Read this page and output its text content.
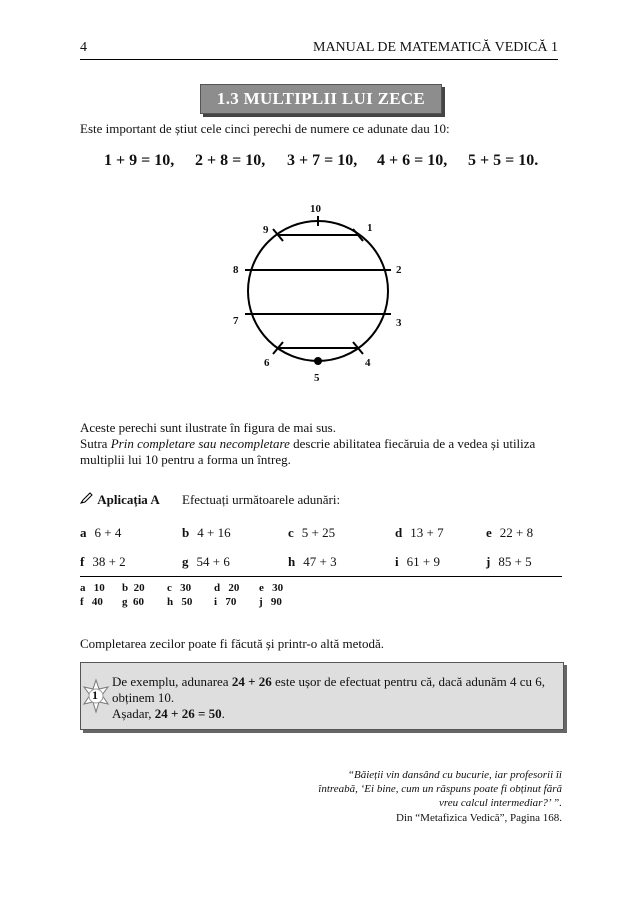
4	MANUAL DE MATEMATICĂ VEDICĂ 1
1.3 MULTIPLII LUI ZECE
Este important de știut cele cinci perechi de numere ce adunate dau 10:
1 + 9 = 10, 2 + 8 = 10, 3 + 7 = 10, 4 + 6 = 10, 5 + 5 = 10.
10
1
2
3
4
5
6
7
8
9
Aceste perechi sunt ilustrate în figura de mai sus.
Sutra Prin completare sau necompletare descrie abilitatea fiecăruia de a vedea și utiliza
multiplii lui 10 pentru a forma un întreg.
Aplicația A Efectuați următoarele adunări:
a 6 + 4	b 4 + 16	c 5 + 25	d 13 + 7	e 22 + 8
f 38 + 2	g 54 + 6	h 47 + 3	i 61 + 9	j 85 + 5
a 10 b 20 c 30 d 20 e 30
f 40 g 60 h 50 i 70 j 90
Completarea zecilor poate fi făcută și printr-o altă metodă.
1
De exemplu, adunarea 24 + 26 este ușor de efectuat pentru că, dacă adunăm 4 cu 6,
obținem 10.
Așadar, 24 + 26 = 50.
“Băieții vin dansând cu bucurie, iar profesorii îi
întreabă, ‘Ei bine, cum un răspuns poate fi obținut fără
vreu calcul intermediar?’ ”.
Din “Metafizica Vedică”, Pagina 168.
